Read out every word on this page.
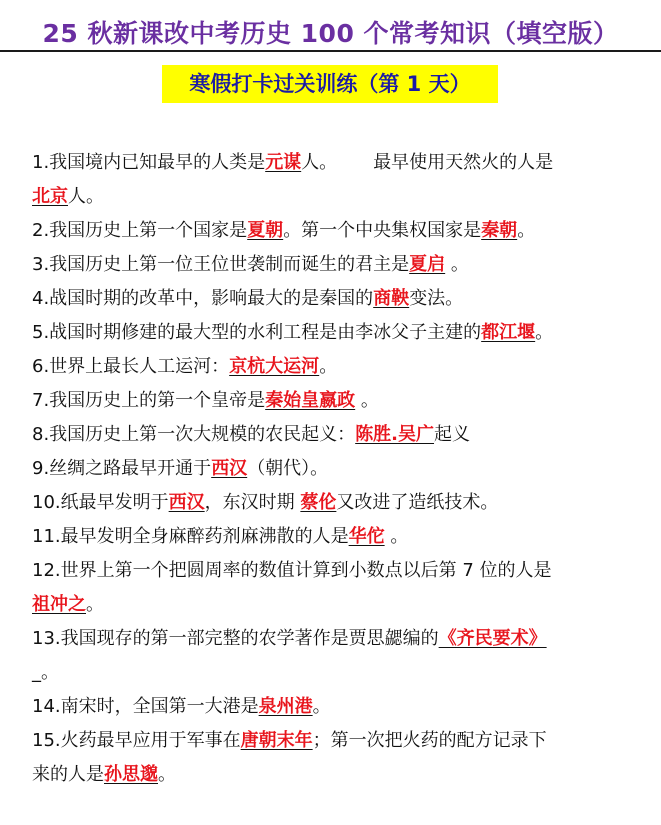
25 秋新课改中考历史 100 个常考知识（填空版）
寒假打卡过关训练（第 1 天）
1.我国境内已知最早的人类是元谋人。 最早使用天然火的人是
北京人。
2.我国历史上第一个国家是夏朝。第一个中央集权国家是秦朝。
3.我国历史上第一位王位世袭制而诞生的君主是夏启 。
4.战国时期的改革中，影响最大的是秦国的商鞅变法。
5.战国时期修建的最大型的水利工程是由李冰父子主建的都江堰。
6.世界上最长人工运河：京杭大运河。
7.我国历史上的第一个皇帝是秦始皇嬴政 。
8.我国历史上第一次大规模的农民起义：陈胜.吴广起义
9.丝绸之路最早开通于西汉（朝代）。
10.纸最早发明于西汉，东汉时期 蔡伦又改进了造纸技术。
11.最早发明全身麻醉药剂麻沸散的人是华佗 。
12.世界上第一个把圆周率的数值计算到小数点以后第 7 位的人是
祖冲之。
13.我国现存的第一部完整的农学著作是贾思勰编的《齐民要术》
_。
14.南宋时，全国第一大港是泉州港。
15.火药最早应用于军事在唐朝末年；第一次把火药的配方记录下
来的人是孙思邈。
